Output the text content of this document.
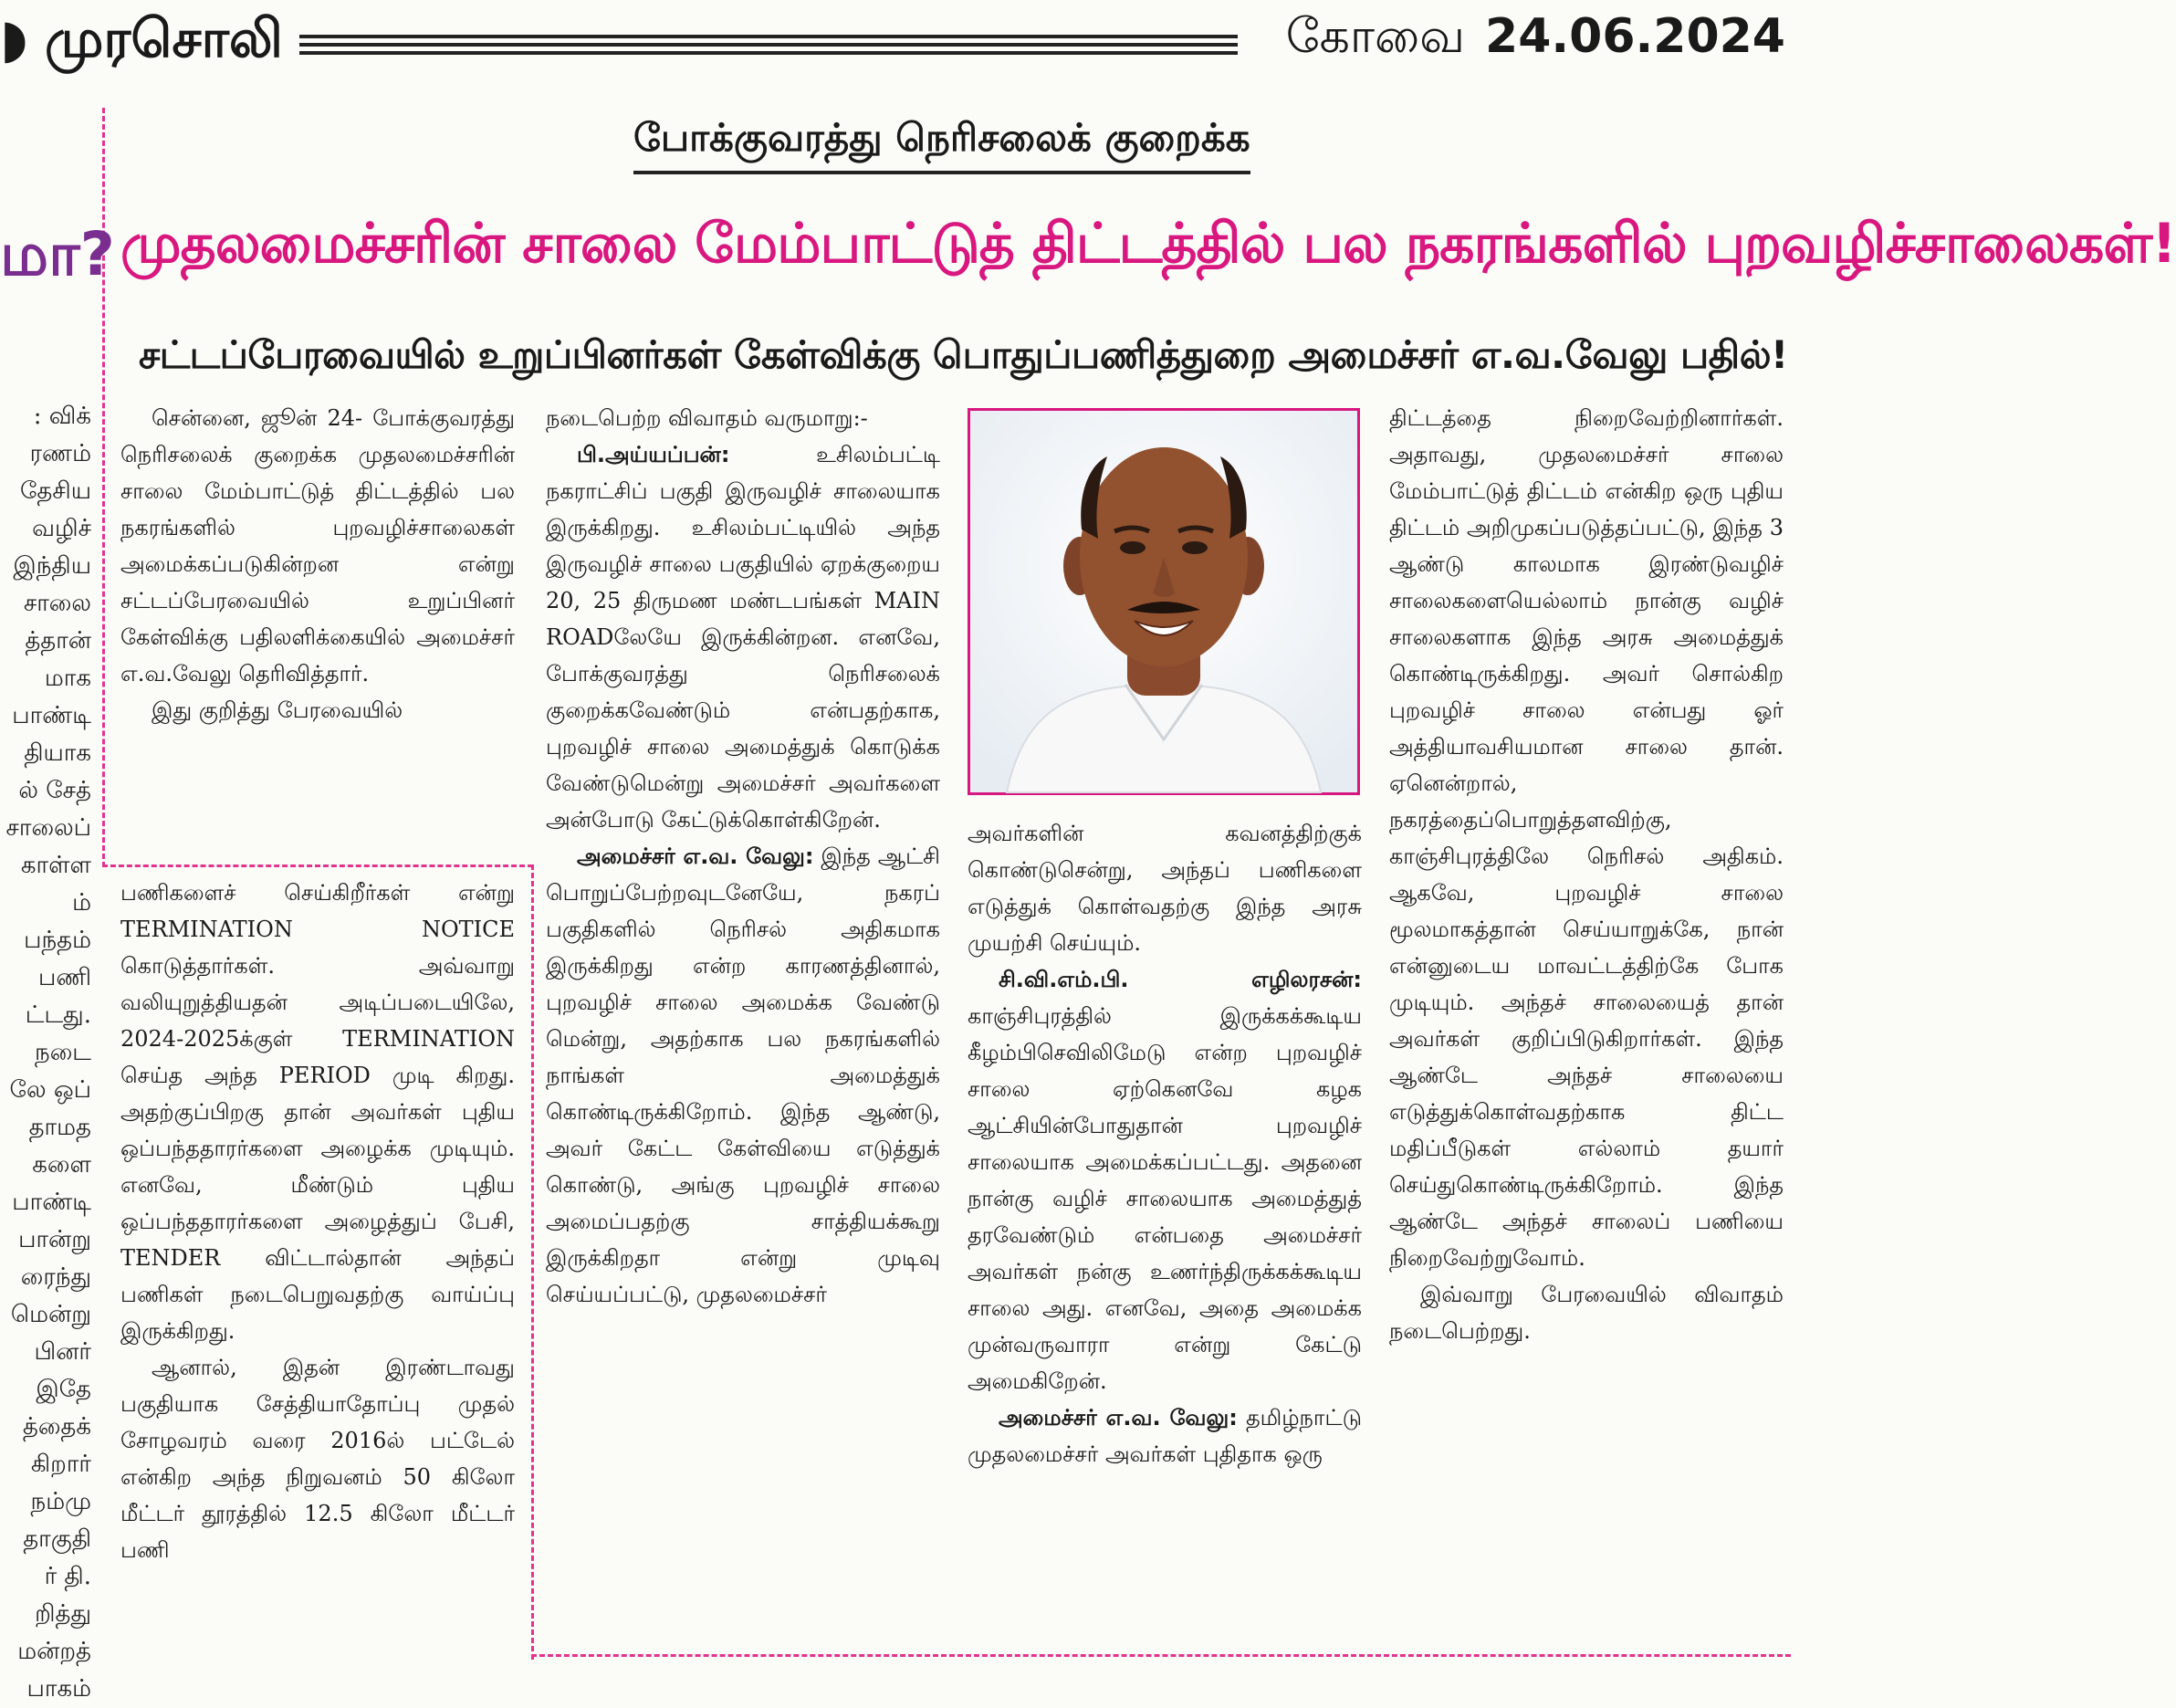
◗ முரசொலி	கோவை 24.06.2024
மா?
: விக்
ரணம்
தேசிய
வழிச்
இந்திய
சாலை
த்தான்
மாக
பாண்டி
தியாக
ல் சேத்
சாலைப்
காள்ள
ம்
பந்தம்
பணி
ட்டது.
நடை
லே ஒப்
தாமத
களை
பாண்டி
பான்று
ரைந்து
மென்று
பினர்
இதே
த்தைக்
கிறார்
நம்மு
தாகுதி
ர் தி.
றித்து
மன்றத்
பாகம்
போக்குவரத்து நெரிசலைக் குறைக்க
முதலமைச்சரின் சாலை மேம்பாட்டுத் திட்டத்தில் பல நகரங்களில் புறவழிச்சாலைகள்!
சட்டப்பேரவையில் உறுப்பினர்கள் கேள்விக்கு பொதுப்பணித்துறை அமைச்சர் எ.வ.வேலு பதில்!

சென்னை, ஜூன் 24- போக்குவரத்து நெரிசலைக் குறைக்க முதலமைச்சரின் சாலை மேம்பாட்டுத் திட்டத்தில் பல நகரங்களில் புறவழிச்சாலைகள் அமைக்கப்படுகின்றன என்று சட்டப்பேரவையில் உறுப்பினர் கேள்விக்கு பதிலளிக்கையில் அமைச்சர் எ.வ.வேலு தெரிவித்தார்.

இது குறித்து பேரவையில்

பணிகளைச் செய்கிறீர்கள் என்று TERMINATION NOTICE கொடுத்தார்கள். அவ்வாறு வலியுறுத்தியதன் அடிப்படையிலே, 2024-2025க்குள் TERMINATION செய்த அந்த PERIOD முடி கிறது. அதற்குப்பிறகு தான் அவர்கள் புதிய ஒப்பந்ததாரர்களை அழைக்க முடியும். எனவே, மீண்டும் புதிய ஒப்பந்ததாரர்களை அழைத்துப் பேசி, TENDER விட்டால்தான் அந்தப் பணிகள் நடைபெறுவதற்கு வாய்ப்பு இருக்கிறது.

ஆனால், இதன் இரண்டாவது பகுதியாக சேத்தியாதோப்பு முதல் சோழவரம் வரை 2016ல் பட்டேல் என்கிற அந்த நிறுவனம் 50 கிலோ மீட்டர் தூரத்தில் 12.5 கிலோ மீட்டர் பணி

நடைபெற்ற விவாதம் வருமாறு:-

பி.அய்யப்பன்:	உசிலம்பட்டி நகராட்சிப் பகுதி இருவழிச் சாலையாக இருக்கிறது. உசிலம்பட்டியில் அந்த இருவழிச் சாலை பகுதியில் ஏறக்குறைய 20, 25 திருமண மண்டபங்கள் MAIN ROADலேயே இருக்கின்றன. எனவே, போக்குவரத்து நெரிசலைக் குறைக்கவேண்டும் என்பதற்காக, புறவழிச் சாலை அமைத்துக் கொடுக்க வேண்டுமென்று அமைச்சர் அவர்களை அன்போடு கேட்டுக்கொள்கிறேன்.

அமைச்சர் எ.வ. வேலு: இந்த ஆட்சி பொறுப்பேற்றவுடனேயே, நகரப் பகுதிகளில் நெரிசல் அதிகமாக இருக்கிறது என்ற காரணத்தினால், புறவழிச் சாலை அமைக்க வேண்டு மென்று, அதற்காக பல நகரங்களில் நாங்கள் அமைத்துக் கொண்டிருக்கிறோம். இந்த ஆண்டு, அவர் கேட்ட கேள்வியை எடுத்துக் கொண்டு, அங்கு புறவழிச் சாலை அமைப்பதற்கு சாத்தியக்கூறு இருக்கிறதா என்று முடிவு செய்யப்பட்டு, முதலமைச்சர்

அவர்களின் கவனத்திற்குக் கொண்டுசென்று, அந்தப் பணிகளை எடுத்துக் கொள்வதற்கு இந்த அரசு முயற்சி செய்யும்.

சி.வி.எம்.பி. எழிலரசன்: காஞ்சிபுரத்தில் இருக்கக்கூடிய கீழம்பிசெவிலிமேடு என்ற புறவழிச் சாலை ஏற்கெனவே கழக ஆட்சியின்போதுதான் புறவழிச் சாலையாக அமைக்கப்பட்டது. அதனை நான்கு வழிச் சாலையாக அமைத்துத் தரவேண்டும் என்பதை அமைச்சர் அவர்கள் நன்கு உணர்ந்திருக்கக்கூடிய சாலை அது. எனவே, அதை அமைக்க முன்வருவாரா என்று கேட்டு அமைகிறேன்.

அமைச்சர் எ.வ. வேலு: தமிழ்நாட்டு முதலமைச்சர் அவர்கள் புதிதாக ஒரு

திட்டத்தை நிறைவேற்றினார்கள். அதாவது, முதலமைச்சர் சாலை மேம்பாட்டுத் திட்டம் என்கிற ஒரு புதிய திட்டம் அறிமுகப்படுத்தப்பட்டு, இந்த 3 ஆண்டு காலமாக இரண்டுவழிச் சாலைகளையெல்லாம் நான்கு வழிச் சாலைகளாக இந்த அரசு அமைத்துக் கொண்டிருக்கிறது. அவர் சொல்கிற புறவழிச் சாலை என்பது ஓர் அத்தியாவசியமான சாலை தான். ஏனென்றால், நகரத்தைப்பொறுத்தளவிற்கு, காஞ்சிபுரத்திலே நெரிசல் அதிகம். ஆகவே, புறவழிச் சாலை மூலமாகத்தான் செய்யாறுக்கே, நான் என்னுடைய மாவட்டத்திற்கே போக முடியும். அந்தச் சாலையைத் தான் அவர்கள் குறிப்பிடுகிறார்கள். இந்த ஆண்டே அந்தச் சாலையை எடுத்துக்கொள்வதற்காக திட்ட மதிப்பீடுகள் எல்லாம் தயார் செய்துகொண்டிருக்கிறோம். இந்த ஆண்டே அந்தச் சாலைப் பணியை நிறைவேற்றுவோம்.

இவ்வாறு பேரவையில் விவாதம் நடைபெற்றது.
